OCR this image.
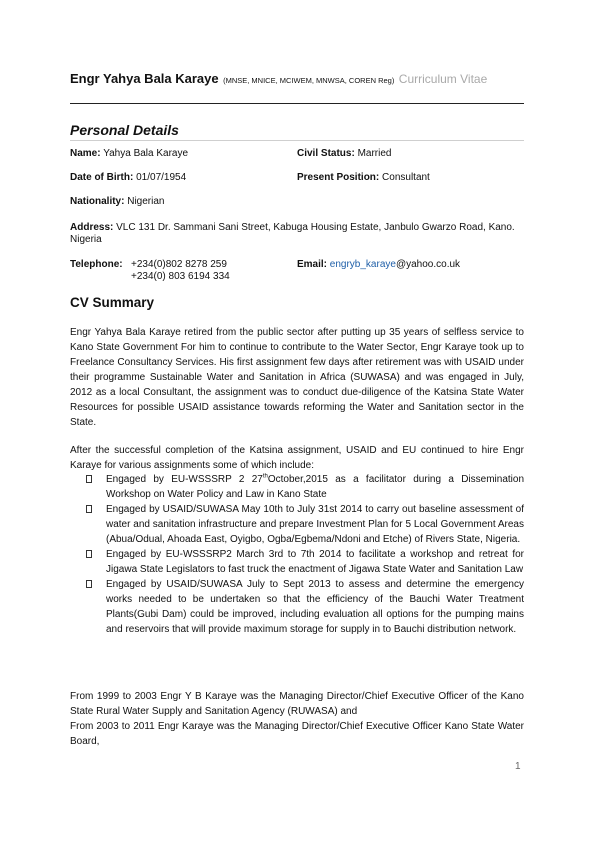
Engr Yahya Bala Karaye (MNSE, MNICE, MCIWEM, MNWSA, COREN Reg) Curriculum Vitae
Personal Details
Name: Yahya Bala Karaye	Civil Status: Married
Date of Birth: 01/07/1954	Present Position: Consultant
Nationality: Nigerian
Address: VLC 131 Dr. Sammani Sani Street, Kabuga Housing Estate, Janbulo Gwarzo Road, Kano. Nigeria
Telephone: +234(0)802 8278 259
+234(0) 803 6194 334
Email: engryb_karaye@yahoo.co.uk
CV Summary

Engr Yahya Bala Karaye retired from the public sector after putting up 35 years of selfless service to Kano State Government For him to continue to contribute to the Water Sector, Engr Karaye took up to Freelance Consultancy Services. His first assignment few days after retirement was with USAID under their programme Sustainable Water and Sanitation in Africa (SUWASA) and was engaged in July, 2012 as a local Consultant, the assignment was to conduct due-diligence of the Katsina State Water Resources for possible USAID assistance towards reforming the Water and Sanitation sector in the State.

After the successful completion of the Katsina assignment, USAID and EU continued to hire Engr Karaye for various assignments some of which include:

Engaged by EU-WSSSRP 2 27thOctober,2015 as a facilitator during a Dissemination Workshop on Water Policy and Law in Kano State
Engaged by USAID/SUWASA May 10th to July 31st 2014 to carry out baseline assessment of water and sanitation infrastructure and prepare Investment Plan for 5 Local Government Areas (Abua/Odual, Ahoada East, Oyigbo, Ogba/Egbema/Ndoni and Etche) of Rivers State, Nigeria.
Engaged by EU-WSSSRP2 March 3rd to 7th 2014 to facilitate a workshop and retreat for Jigawa State Legislators to fast truck the enactment of Jigawa State Water and Sanitation Law
Engaged by USAID/SUWASA July to Sept 2013 to assess and determine the emergency works needed to be undertaken so that the efficiency of the Bauchi Water Treatment Plants(Gubi Dam) could be improved, including evaluation all options for the pumping mains and reservoirs that will provide maximum storage for supply in to Bauchi distribution network.

From 1999 to 2003 Engr Y B Karaye was the Managing Director/Chief Executive Officer of the Kano State Rural Water Supply and Sanitation Agency (RUWASA) and

From 2003 to 2011 Engr Karaye was the Managing Director/Chief Executive Officer Kano State Water Board,

1
